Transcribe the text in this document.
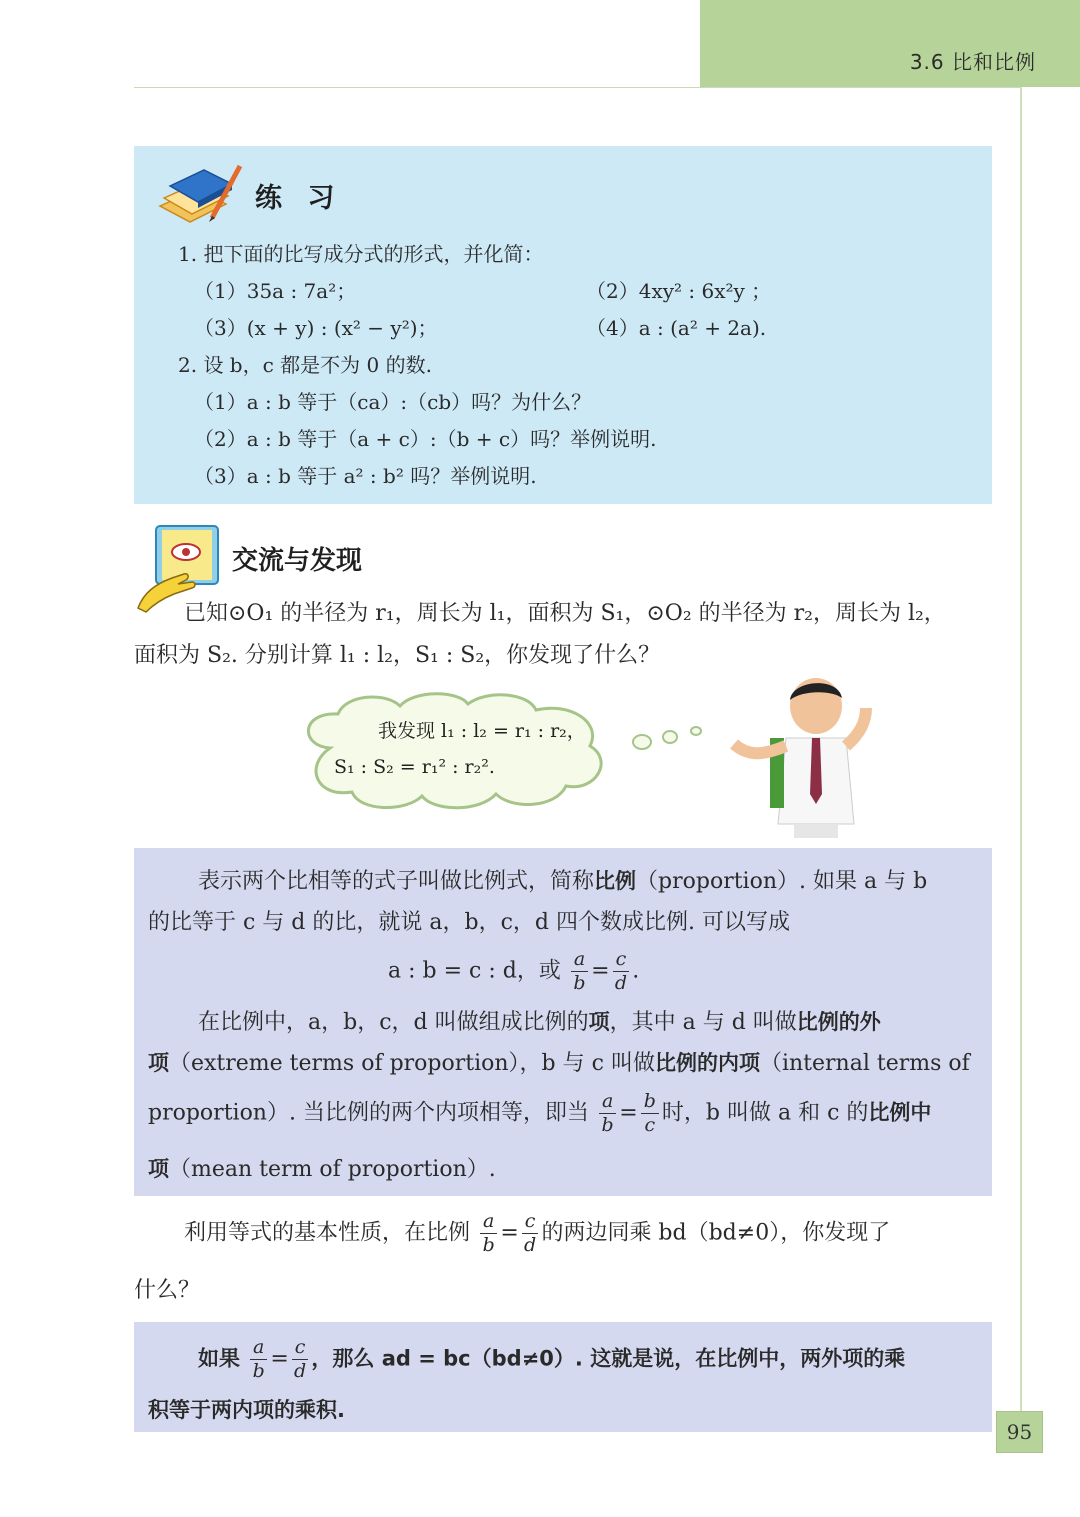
3.6 比和比例
练 习
1. 把下面的比写成分式的形式，并化简：
（1）35a : 7a²；	（2）4xy² : 6x²y ；
（3）(x + y) : (x² − y²)；	（4）a : (a² + 2a).
2. 设 b，c 都是不为 0 的数.
（1）a : b 等于（ca）:（cb）吗？为什么？
（2）a : b 等于（a + c）:（b + c）吗？举例说明.
（3）a : b 等于 a² : b² 吗？举例说明.
交流与发现
已知⊙O₁ 的半径为 r₁，周长为 l₁，面积为 S₁，⊙O₂ 的半径为 r₂，周长为 l₂，
面积为 S₂. 分别计算 l₁ : l₂，S₁ : S₂，你发现了什么？
我发现 l₁ : l₂ = r₁ : r₂，
S₁ : S₂ = r₁² : r₂².
表示两个比相等的式子叫做比例式，简称比例（proportion）. 如果 a 与 b
的比等于 c 与 d 的比，就说 a，b，c，d 四个数成比例. 可以写成
a : b = c : d，或 $\frac{a}{b} = \frac{c}{d}$ .
在比例中，a，b，c，d 叫做组成比例的项，其中 a 与 d 叫做比例的外
项（extreme terms of proportion），b 与 c 叫做比例的内项（internal terms of
proportion）. 当比例的两个内项相等，即当 $\frac{a}{b} = \frac{b}{c}$ 时，b 叫做 a 和 c 的比例中
项（mean term of proportion）.
利用等式的基本性质，在比例 $\frac{a}{b} = \frac{c}{d}$ 的两边同乘 bd（bd≠0），你发现了
什么？
如果 $\frac{a}{b} = \frac{c}{d}$ ，那么 ad = bc（bd≠0）. 这就是说，在比例中，两外项的乘
积等于两内项的乘积.
95
